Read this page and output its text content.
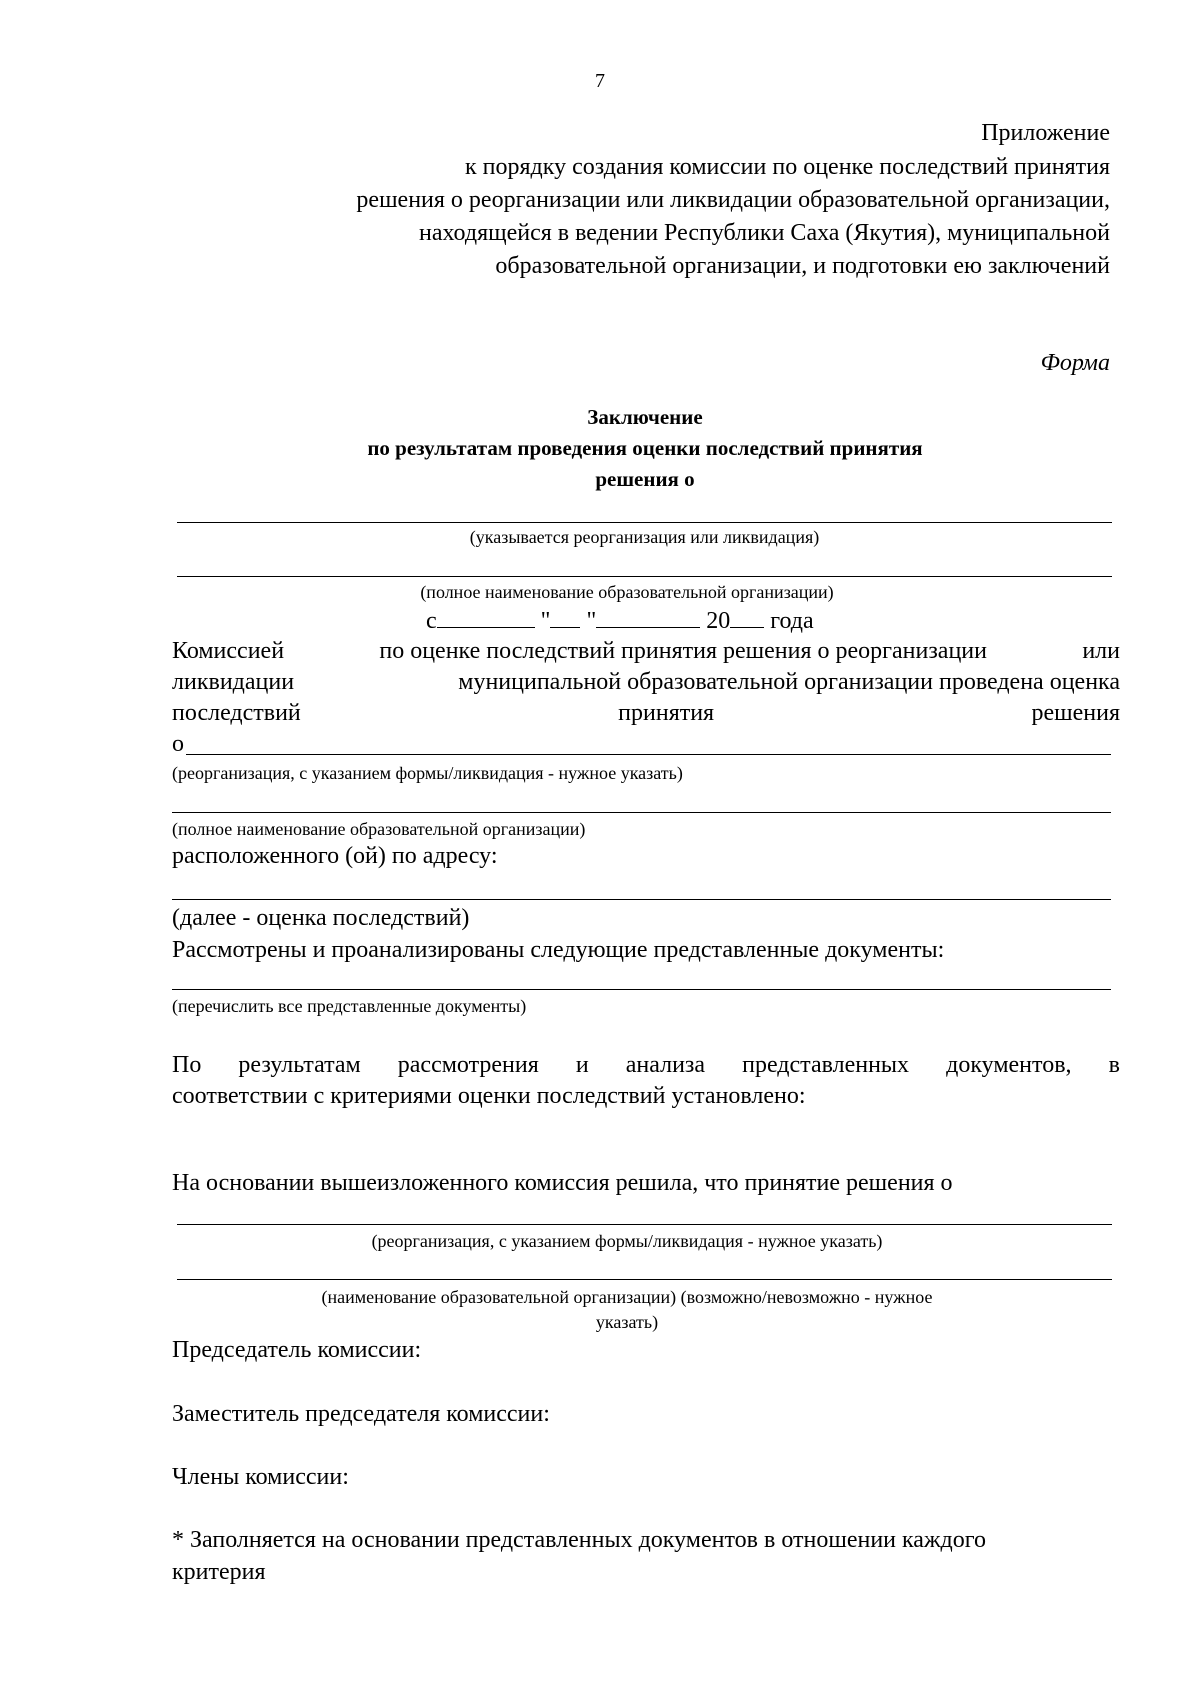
7
Приложение
к порядку создания комиссии по оценке последствий принятия
решения о реорганизации или ликвидации образовательной организации,
находящейся в ведении Республики Саха (Якутия), муниципальной
образовательной организации, и подготовки ею заключений
Форма
Заключение
по результатам проведения оценки последствий принятия
решения о
(указывается реорганизация или ликвидация)
(полное наименование образовательной организации)
с	" "	20 года
Комиссией	по оценке последствий принятия решения о реорганизации	или
ликвидации	муниципальной образовательной организации проведена оценка
последствий	принятия	решения
о
(реорганизация, с указанием формы/ликвидация - нужное указать)
(полное наименование образовательной организации)
расположенного (ой) по адресу:
(далее - оценка последствий)
Рассмотрены и проанализированы следующие представленные документы:
(перечислить все представленные документы)
По результатам рассмотрения и анализа представленных документов, в
соответствии с критериями оценки последствий установлено:
На основании вышеизложенного комиссия решила, что принятие решения о
(реорганизация, с указанием формы/ликвидация - нужное указать)
(наименование образовательной организации) (возможно/невозможно - нужное
указать)
Председатель комиссии:
Заместитель председателя комиссии:
Члены комиссии:
* Заполняется на основании представленных документов в отношении каждого
критерия
